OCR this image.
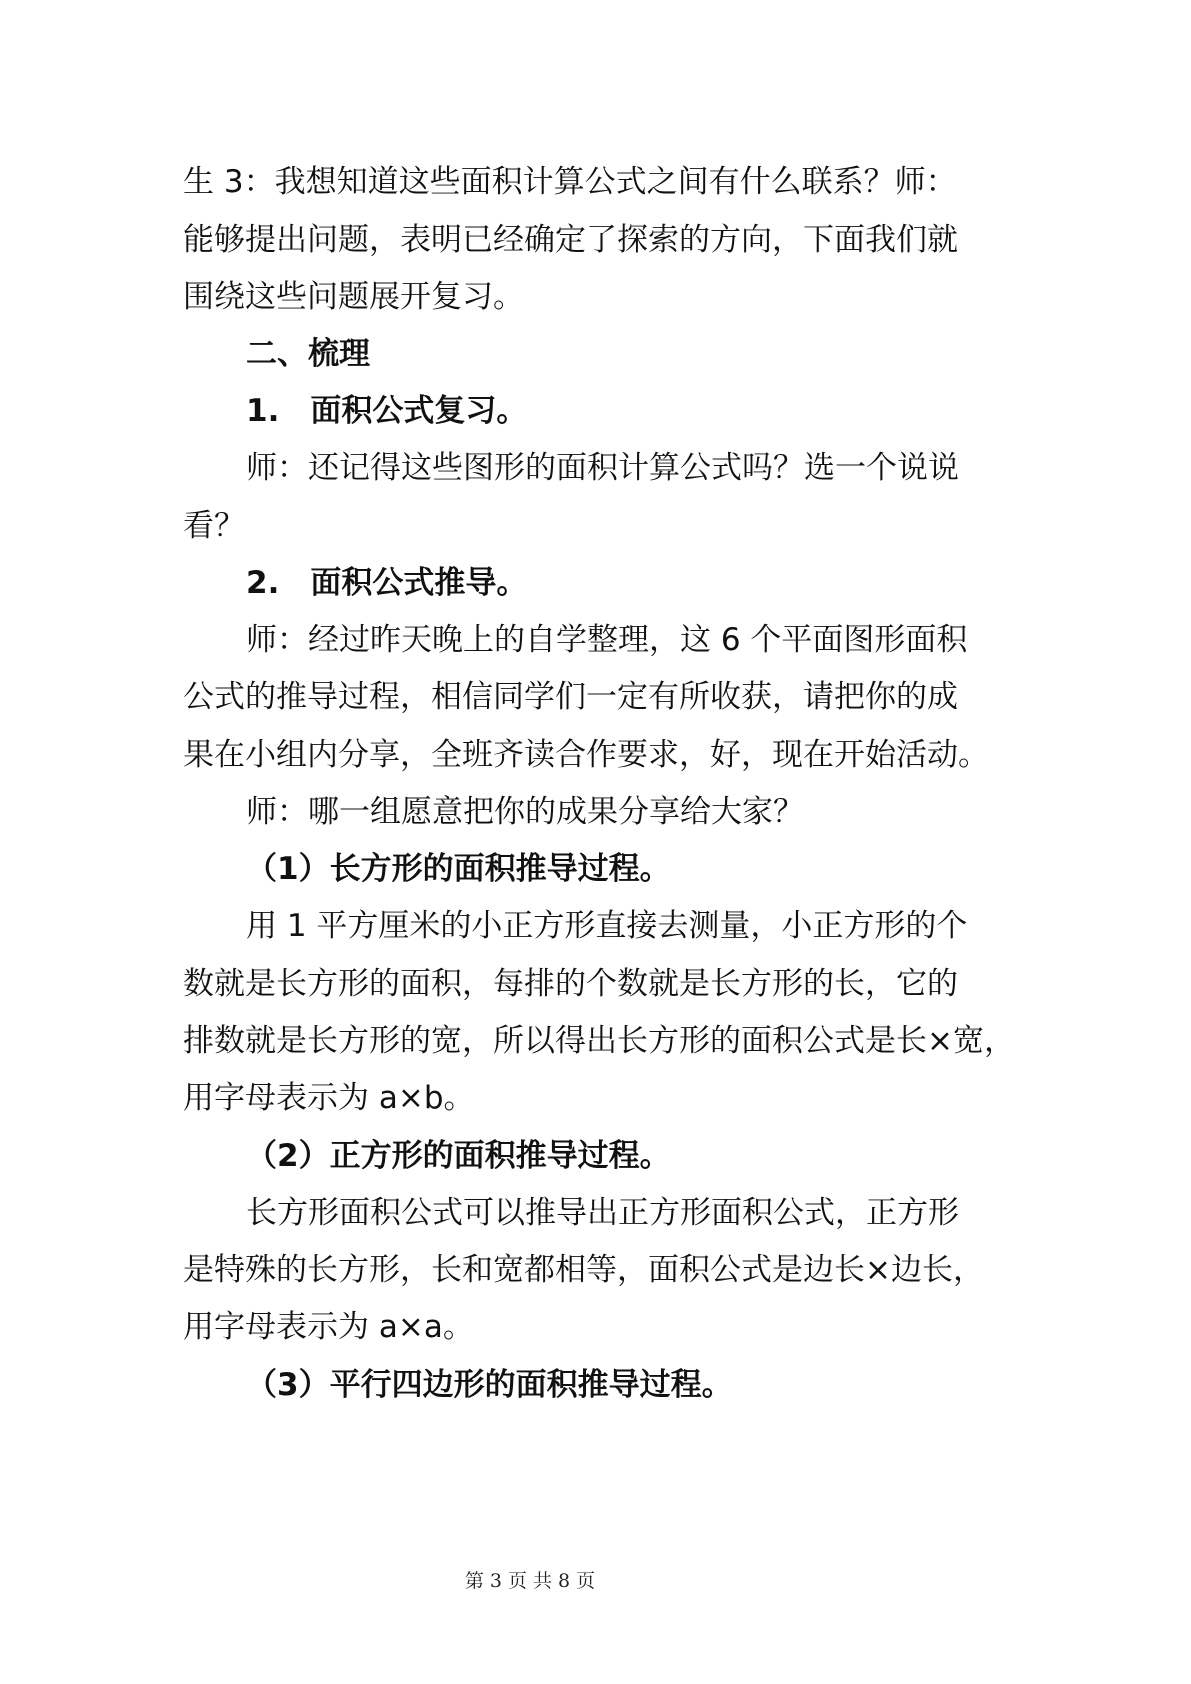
生 3：我想知道这些面积计算公式之间有什么联系？师：
能够提出问题，表明已经确定了探索的方向，下面我们就
围绕这些问题展开复习。
二、梳理
1.　面积公式复习。
师：还记得这些图形的面积计算公式吗？选一个说说
看？
2.　面积公式推导。
师：经过昨天晚上的自学整理，这 6 个平面图形面积
公式的推导过程，相信同学们一定有所收获，请把你的成
果在小组内分享，全班齐读合作要求，好，现在开始活动。
师：哪一组愿意把你的成果分享给大家？
（1）长方形的面积推导过程。
用 1 平方厘米的小正方形直接去测量，小正方形的个
数就是长方形的面积，每排的个数就是长方形的长，它的
排数就是长方形的宽，所以得出长方形的面积公式是长×宽，
用字母表示为 a×b。
（2）正方形的面积推导过程。
长方形面积公式可以推导出正方形面积公式，正方形
是特殊的长方形，长和宽都相等，面积公式是边长×边长，
用字母表示为 a×a。
（3）平行四边形的面积推导过程。
第 3 页 共 8 页
